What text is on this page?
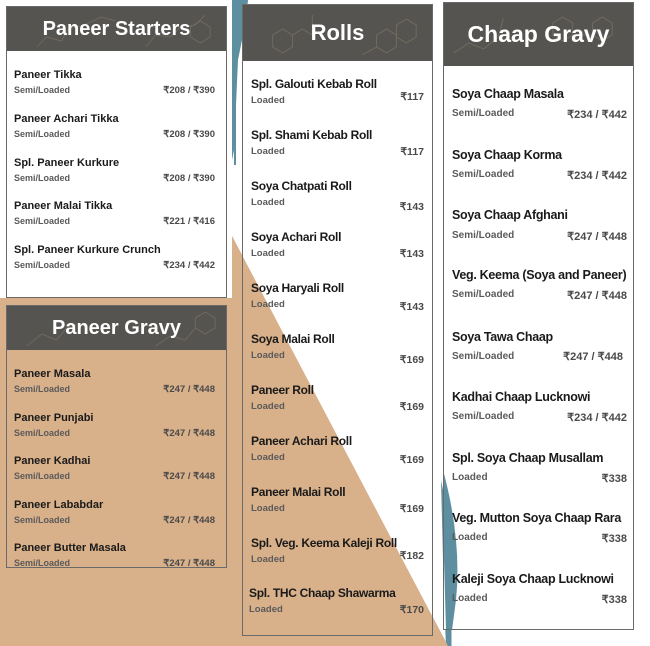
Paneer Starters
Paneer Tikka
Semi/Loaded	₹208 / ₹390
Paneer Achari Tikka
Semi/Loaded	₹208 / ₹390
Spl. Paneer Kurkure
Semi/Loaded	₹208 / ₹390
Paneer Malai Tikka
Semi/Loaded	₹221 / ₹416
Spl. Paneer Kurkure Crunch
Semi/Loaded	₹234 / ₹442
Paneer Gravy
Paneer Masala
Semi/Loaded	₹247 / ₹448
Paneer Punjabi
Semi/Loaded	₹247 / ₹448
Paneer Kadhai
Semi/Loaded	₹247 / ₹448
Paneer Lababdar
Semi/Loaded	₹247 / ₹448
Paneer Butter Masala
Semi/Loaded	₹247 / ₹448
Rolls
Spl. Galouti Kebab Roll
Loaded	₹117
Spl. Shami Kebab Roll
Loaded	₹117
Soya Chatpati Roll
Loaded	₹143
Soya Achari Roll
Loaded	₹143
Soya Haryali Roll
Loaded	₹143
Soya Malai Roll
Loaded	₹169
Paneer Roll
Loaded	₹169
Paneer Achari Roll
Loaded	₹169
Paneer Malai Roll
Loaded	₹169
Spl. Veg. Keema Kaleji Roll
Loaded	₹182
Spl. THC Chaap Shawarma
Loaded	₹170
Chaap Gravy
Soya Chaap Masala
Semi/Loaded	₹234 / ₹442
Soya Chaap Korma
Semi/Loaded	₹234 / ₹442
Soya Chaap Afghani
Semi/Loaded	₹247 / ₹448
Veg. Keema (Soya and Paneer)
Semi/Loaded	₹247 / ₹448
Soya Tawa Chaap
Semi/Loaded	₹247 / ₹448
Kadhai Chaap Lucknowi
Semi/Loaded	₹234 / ₹442
Spl. Soya Chaap Musallam
Loaded	₹338
Veg. Mutton Soya Chaap Rara
Loaded	₹338
Kaleji Soya Chaap Lucknowi
Loaded	₹338
